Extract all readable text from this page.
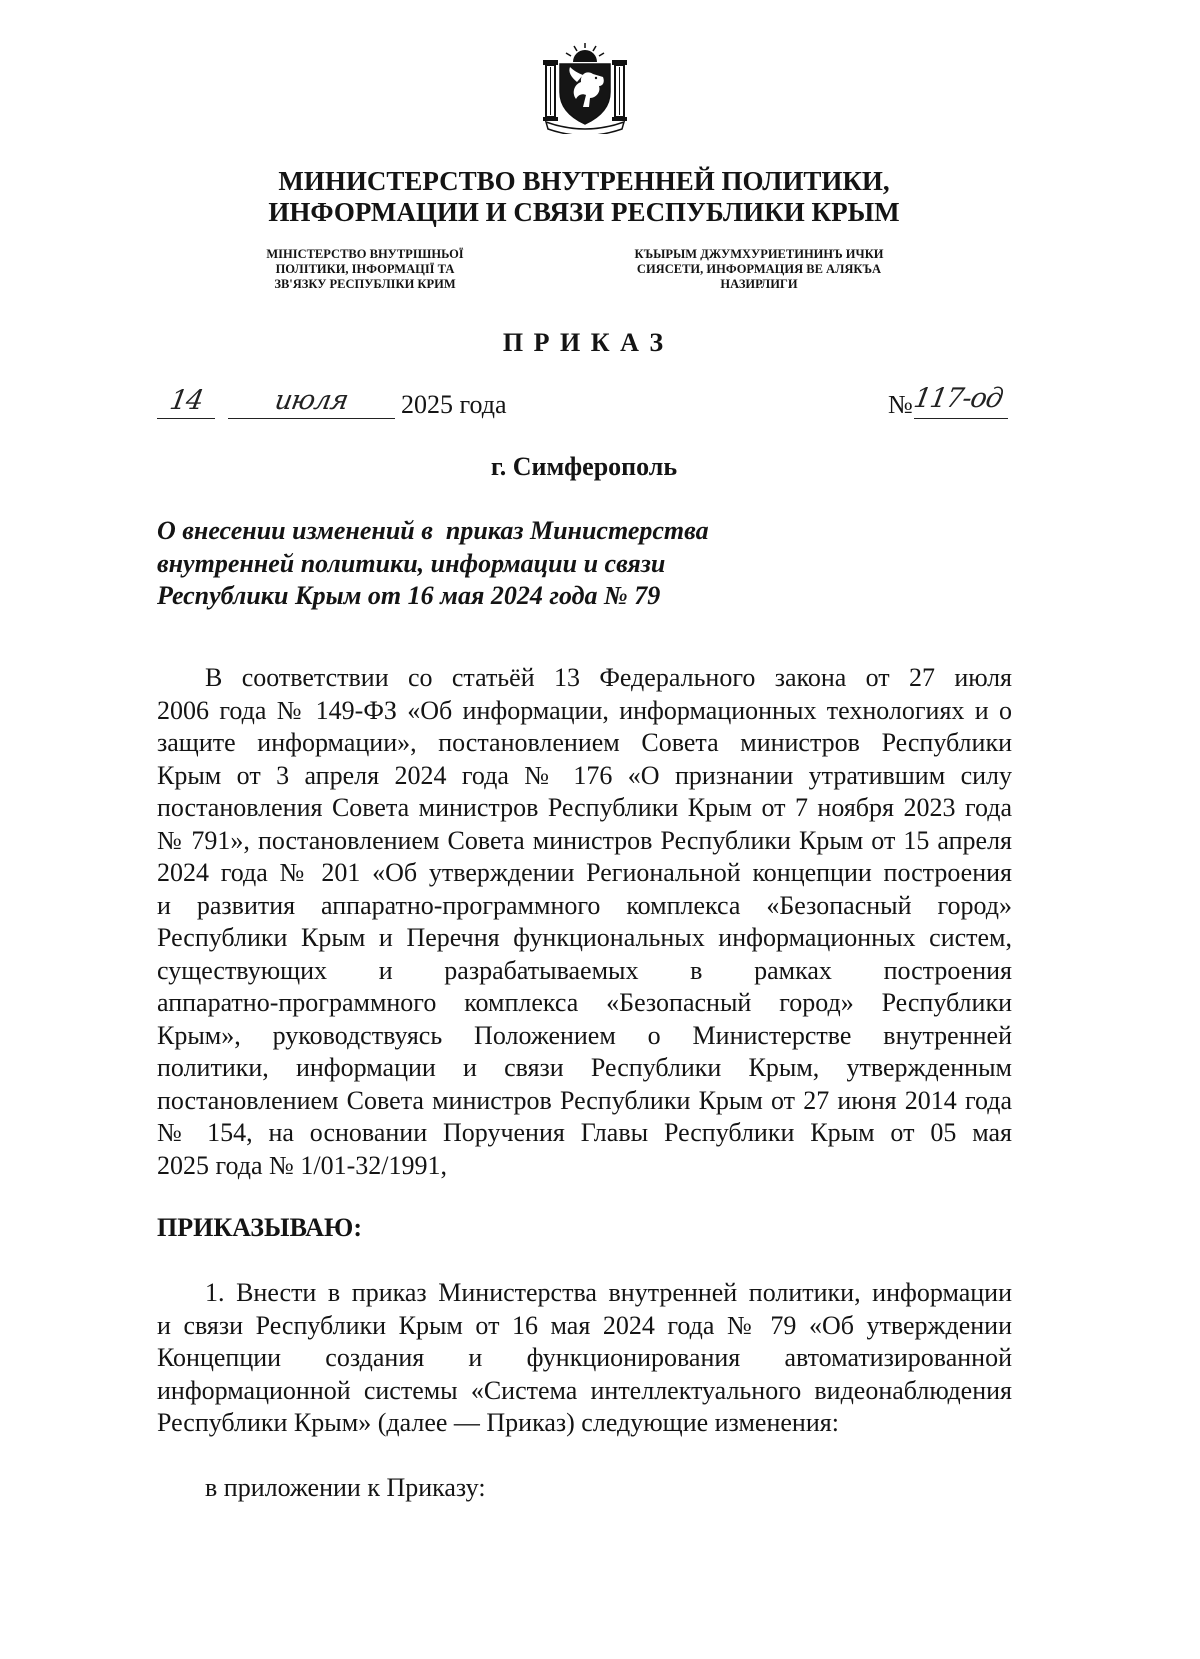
МИНИСТЕРСТВО ВНУТРЕННЕЙ ПОЛИТИКИ,
ИНФОРМАЦИИ И СВЯЗИ РЕСПУБЛИКИ КРЫМ
МІНІСТЕРСТВО ВНУТРІШНЬОЇ
ПОЛІТИКИ, ІНФОРМАЦІЇ ТА
ЗВ'ЯЗКУ РЕСПУБЛІКИ КРИМ
КЪЫРЫМ ДЖУМХУРИЕТИНИНЪ ИЧКИ
СИЯСЕТИ, ИНФОРМАЦИЯ ВЕ АЛЯКЪА
НАЗИРЛИГИ
П Р И К А З
14	июля	2025 года	№
117-од
г. Симферополь
О внесении изменений в  приказ Министерства
внутренней политики, информации и связи
Республики Крым от 16 мая 2024 года № 79
В соответствии со статьёй 13 Федерального закона от 27 июля
2006 года № 149-ФЗ «Об информации, информационных технологиях и о
защите информации», постановлением Совета министров Республики
Крым от 3 апреля 2024 года № 176 «О признании утратившим силу
постановления Совета министров Республики Крым от 7 ноября 2023 года
№ 791», постановлением Совета министров Республики Крым от 15 апреля
2024 года № 201 «Об утверждении Региональной концепции построения
и развития аппаратно-программного комплекса «Безопасный город»
Республики Крым и Перечня функциональных информационных систем,
существующих и разрабатываемых в рамках построения
аппаратно-программного комплекса «Безопасный город» Республики
Крым», руководствуясь Положением о Министерстве внутренней
политики, информации и связи Республики Крым, утвержденным
постановлением Совета министров Республики Крым от 27 июня 2014 года
№ 154, на основании Поручения Главы Республики Крым от 05 мая
2025 года № 1/01-32/1991,
ПРИКАЗЫВАЮ:
1. Внести в приказ Министерства внутренней политики, информации
и связи Республики Крым от 16 мая 2024 года № 79 «Об утверждении
Концепции создания и функционирования автоматизированной
информационной системы «Система интеллектуального видеонаблюдения
Республики Крым» (далее — Приказ) следующие изменения:
в приложении к Приказу:
